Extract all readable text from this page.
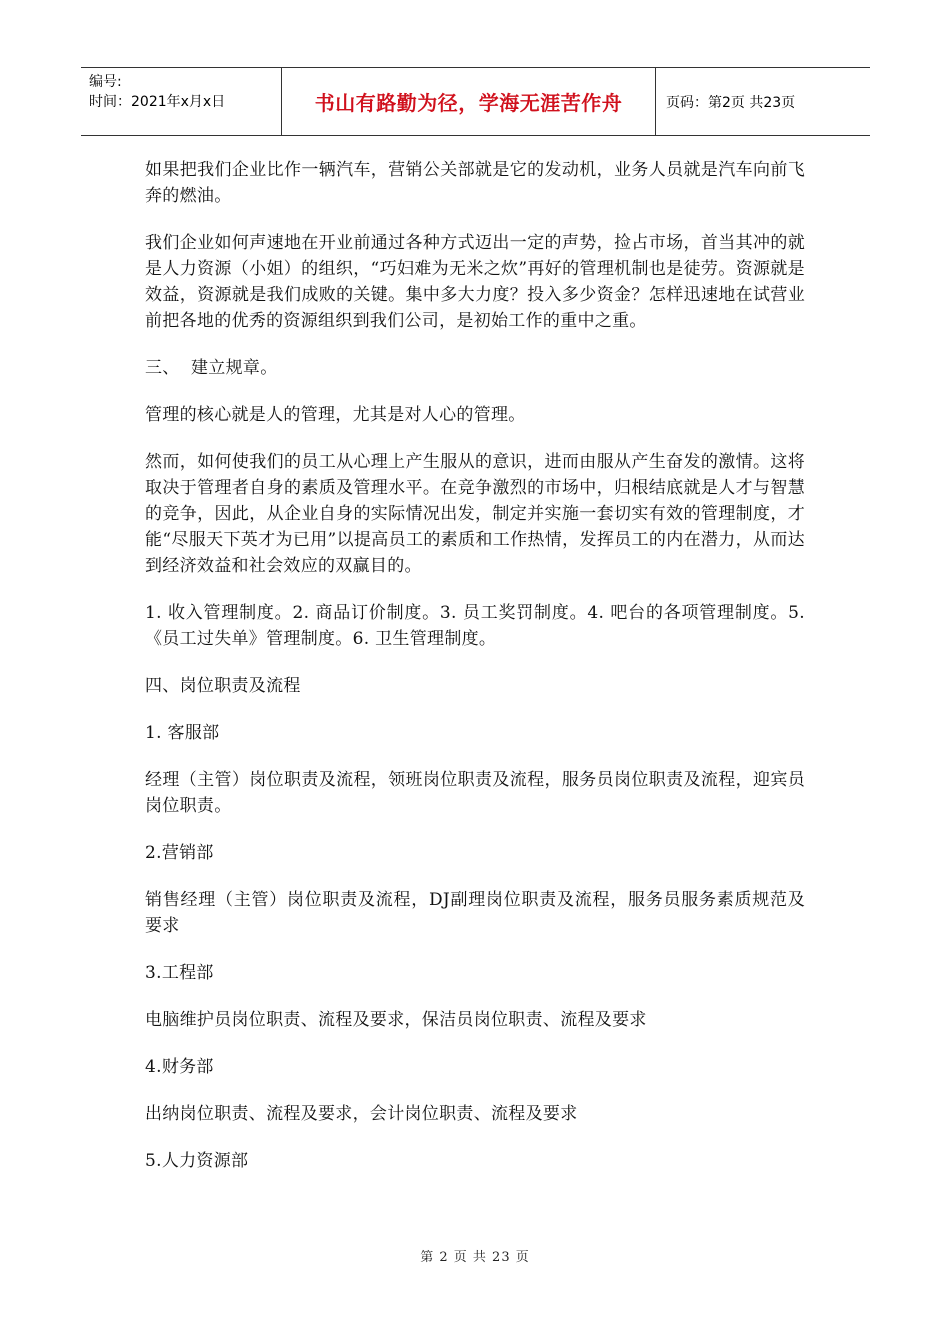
编号:
时间：2021年x月x日	书山有路勤为径，学海无涯苦作舟	页码：第2页 共23页

如果把我们企业比作一辆汽车，营销公关部就是它的发动机，业务人员就是汽车向前飞奔的燃油。

我们企业如何声速地在开业前通过各种方式迈出一定的声势，捡占市场，首当其冲的就是人力资源（小姐）的组织，“巧妇难为无米之炊”再好的管理机制也是徒劳。资源就是效益，资源就是我们成败的关键。集中多大力度？投入多少资金？怎样迅速地在试营业前把各地的优秀的资源组织到我们公司，是初始工作的重中之重。

三、  建立规章。

管理的核心就是人的管理，尤其是对人心的管理。

然而，如何使我们的员工从心理上产生服从的意识，进而由服从产生奋发的激情。这将取决于管理者自身的素质及管理水平。在竞争激烈的市场中，归根结底就是人才与智慧的竞争，因此，从企业自身的实际情况出发，制定并实施一套切实有效的管理制度，才能“尽服天下英才为已用”以提高员工的素质和工作热情，发挥员工的内在潜力，从而达到经济效益和社会效应的双赢目的。

1. 收入管理制度。2. 商品订价制度。3. 员工奖罚制度。4. 吧台的各项管理制度。5.《员工过失单》管理制度。6. 卫生管理制度。

四、岗位职责及流程

1. 客服部

经理（主管）岗位职责及流程，领班岗位职责及流程，服务员岗位职责及流程，迎宾员岗位职责。

2.营销部

销售经理（主管）岗位职责及流程，DJ副理岗位职责及流程，服务员服务素质规范及要求

3.工程部

电脑维护员岗位职责、流程及要求，保洁员岗位职责、流程及要求

4.财务部

出纳岗位职责、流程及要求，会计岗位职责、流程及要求

5.人力资源部

第 2 页 共 23 页
